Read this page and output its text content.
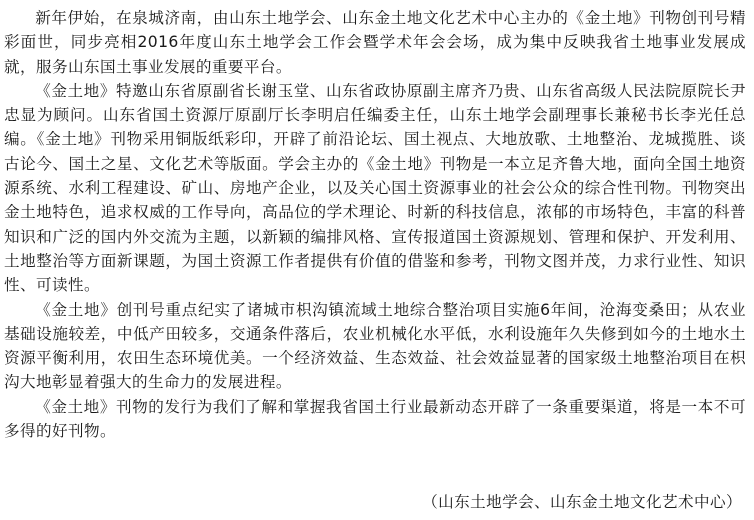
新年伊始，在泉城济南，由山东土地学会、山东金土地文化艺术中心主办的《金土地》刊物创刊号精彩面世，同步亮相2016年度山东土地学会工作会暨学术年会会场，成为集中反映我省土地事业发展成就，服务山东国土事业发展的重要平台。

《金土地》特邀山东省原副省长谢玉堂、山东省政协原副主席齐乃贵、山东省高级人民法院原院长尹忠显为顾问。山东省国土资源厅原副厅长李明启任编委主任，山东土地学会副理事长兼秘书长李光任总编。《金土地》刊物采用铜版纸彩印，开辟了前沿论坛、国土视点、大地放歌、土地整治、龙城揽胜、谈古论今、国土之星、文化艺术等版面。学会主办的《金土地》刊物是一本立足齐鲁大地，面向全国土地资源系统、水利工程建设、矿山、房地产企业，以及关心国土资源事业的社会公众的综合性刊物。刊物突出金土地特色，追求权威的工作导向，高品位的学术理论、时新的科技信息，浓郁的市场特色，丰富的科普知识和广泛的国内外交流为主题，以新颖的编排风格、宣传报道国土资源规划、管理和保护、开发利用、土地整治等方面新课题，为国土资源工作者提供有价值的借鉴和参考，刊物文图并茂，力求行业性、知识性、可读性。

《金土地》创刊号重点纪实了诸城市枳沟镇流域土地综合整治项目实施6年间，沧海变桑田；从农业基础设施较差，中低产田较多，交通条件落后，农业机械化水平低，水利设施年久失修到如今的土地水土资源平衡利用，农田生态环境优美。一个经济效益、生态效益、社会效益显著的国家级土地整治项目在枳沟大地彰显着强大的生命力的发展进程。

《金土地》刊物的发行为我们了解和掌握我省国土行业最新动态开辟了一条重要渠道，将是一本不可多得的好刊物。

（山东土地学会、山东金土地文化艺术中心）
